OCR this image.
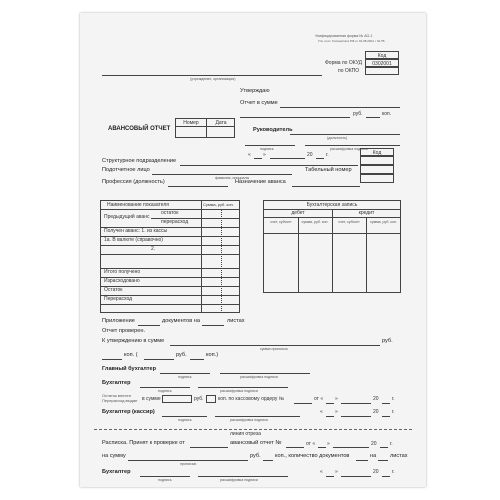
Унифицированная форма № АО-1
Утв. пост. Госкомстата РФ от 01.08.2001 г. № 55
Код
0302001
Форма по ОКУД
по ОКПО
(учреждение, организация)
Утверждаю
Отчет в сумме
руб.	коп.
АВАНСОВЫЙ ОТЧЕТ
Номер	Дата
Руководитель
(должность)
подпись	расшифровка подписи
« »	20	г.	Код
Структурное подразделение
Подотчетное лицо
фамилия, инициалы
Табельный номер
Профессия (должность)	Назначение аванса
Наименование показателя	Сумма, руб. коп.
Предыдущий аванс
остаток
перерасход
Получен аванс: 1. из кассы
1а. В валюте (справочно)
2.
Итого получено
Израсходовано
Остаток
Перерасход
Бухгалтерская запись
дебет	кредит
счет, субсчет	сумма, руб. коп.	счет, субсчет	сумма, руб. коп.
Приложение	документов на	листах
Отчет проверен.
К утверждению в сумме
сумма прописью
руб.
коп. (	руб.	коп.)
Главный бухгалтер
подпись	расшифровка подписи
Бухгалтер
подпись	расшифровка подписи
Остаток внесен
Перерасход выдан в сумме	руб.	коп. по кассовому ордеру №	от « »	20	г.
Бухгалтер (кассир)
подпись	расшифровка подписи
« »	20	г.
линия отреза
Расписка. Принят к проверке от	авансовый отчет №	от « »	20	г.
на сумму
прописью
руб.	коп., количество документов	на листах
Бухгалтер
подпись	расшифровка подписи
« »	20	г.
